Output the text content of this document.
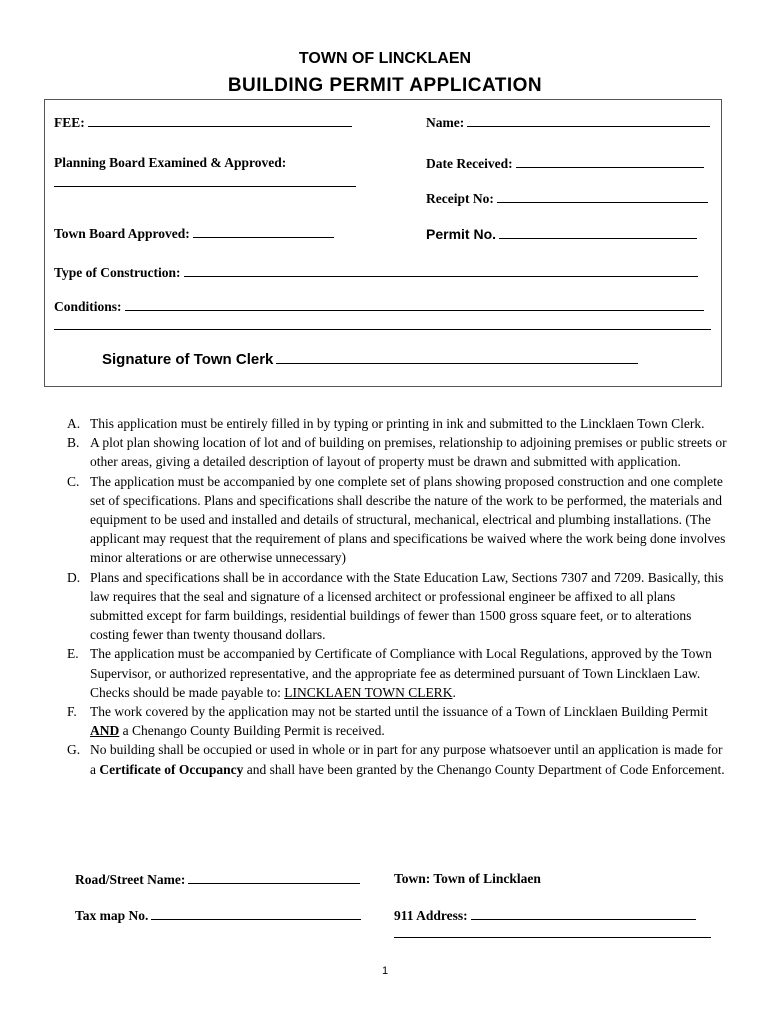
TOWN OF LINCKLAEN
BUILDING PERMIT APPLICATION
FEE:	Name:
Planning Board Examined & Approved:	Date Received:
Receipt No:
Town Board Approved:	Permit No.
Type of Construction:
Conditions:
Signature of Town Clerk
A. This application must be entirely filled in by typing or printing in ink and submitted to the Lincklaen Town Clerk.
B. A plot plan showing location of lot and of building on premises, relationship to adjoining premises or public streets or other areas, giving a detailed description of layout of property must be drawn and submitted with application.
C. The application must be accompanied by one complete set of plans showing proposed construction and one complete set of specifications. Plans and specifications shall describe the nature of the work to be performed, the materials and equipment to be used and installed and details of structural, mechanical, electrical and plumbing installations. (The applicant may request that the requirement of plans and specifications be waived where the work being done involves minor alterations or are otherwise unnecessary)
D. Plans and specifications shall be in accordance with the State Education Law, Sections 7307 and 7209. Basically, this law requires that the seal and signature of a licensed architect or professional engineer be affixed to all plans submitted except for farm buildings, residential buildings of fewer than 1500 gross square feet, or to alterations costing fewer than twenty thousand dollars.
E. The application must be accompanied by Certificate of Compliance with Local Regulations, approved by the Town Supervisor, or authorized representative, and the appropriate fee as determined pursuant of Town Lincklaen Law. Checks should be made payable to: LINCKLAEN TOWN CLERK.
F. The work covered by the application may not be started until the issuance of a Town of Lincklaen Building Permit AND a Chenango County Building Permit is received.
G. No building shall be occupied or used in whole or in part for any purpose whatsoever until an application is made for a Certificate of Occupancy and shall have been granted by the Chenango County Department of Code Enforcement.
Road/Street Name:	Town: Town of Lincklaen
Tax map No.	911 Address:
1
